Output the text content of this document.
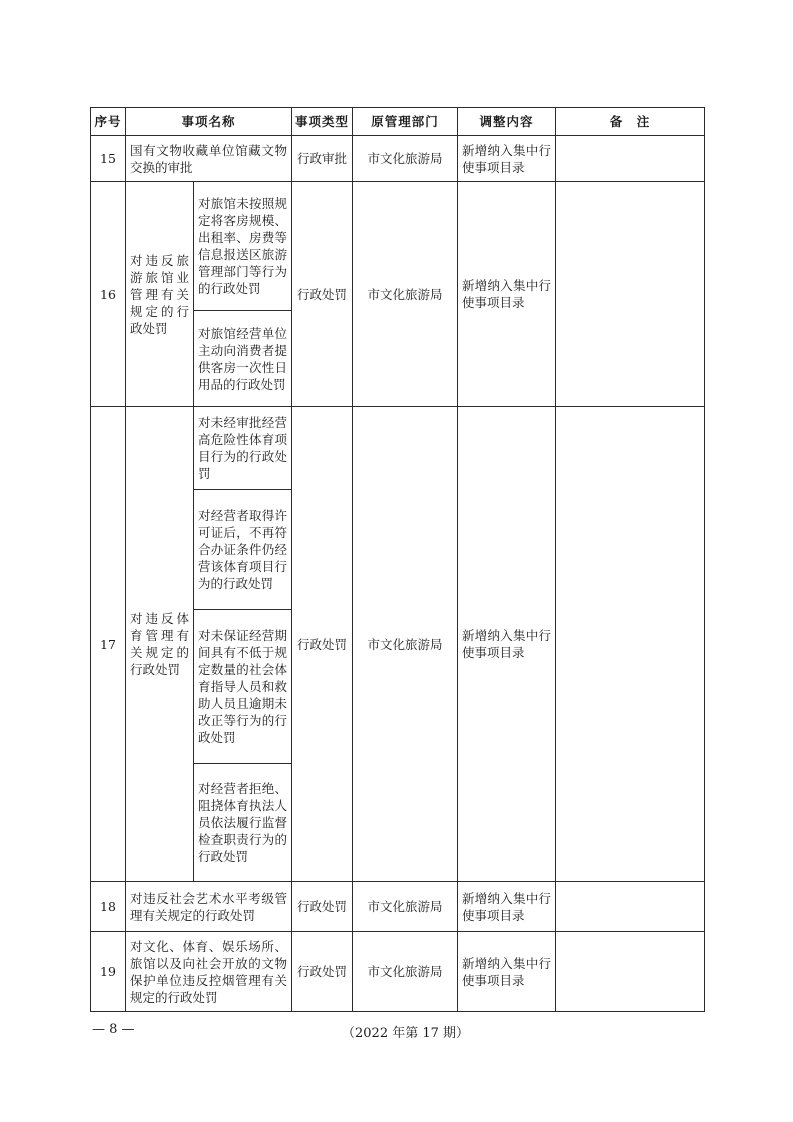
序号	事项名称		事项类型	原管理部门	调整内容	备　注
15	国有文物收藏单位馆藏文物交换的审批		行政审批	市文化旅游局	新增纳入集中行使事项目录	
16	对违反旅游旅馆业管理有关规定的行政处罚	对旅馆未按照规定将客房规模、出租率、房费等信息报送区旅游管理部门等行为的行政处罚	行政处罚	市文化旅游局	新增纳入集中行使事项目录	
		对旅馆经营单位主动向消费者提供客房一次性日用品的行政处罚				
17	对违反体育管理有关规定的行政处罚	对未经审批经营高危险性体育项目行为的行政处罚	行政处罚	市文化旅游局	新增纳入集中行使事项目录	
		对经营者取得许可证后，不再符合办证条件仍经营该体育项目行为的行政处罚				
		对未保证经营期间具有不低于规定数量的社会体育指导人员和救助人员且逾期未改正等行为的行政处罚				
		对经营者拒绝、阻挠体育执法人员依法履行监督检查职责行为的行政处罚				
18	对违反社会艺术水平考级管理有关规定的行政处罚		行政处罚	市文化旅游局	新增纳入集中行使事项目录	
19	对文化、体育、娱乐场所、旅馆以及向社会开放的文物保护单位违反控烟管理有关规定的行政处罚		行政处罚	市文化旅游局	新增纳入集中行使事项目录	
— 8 —	（2022 年第 17 期）
